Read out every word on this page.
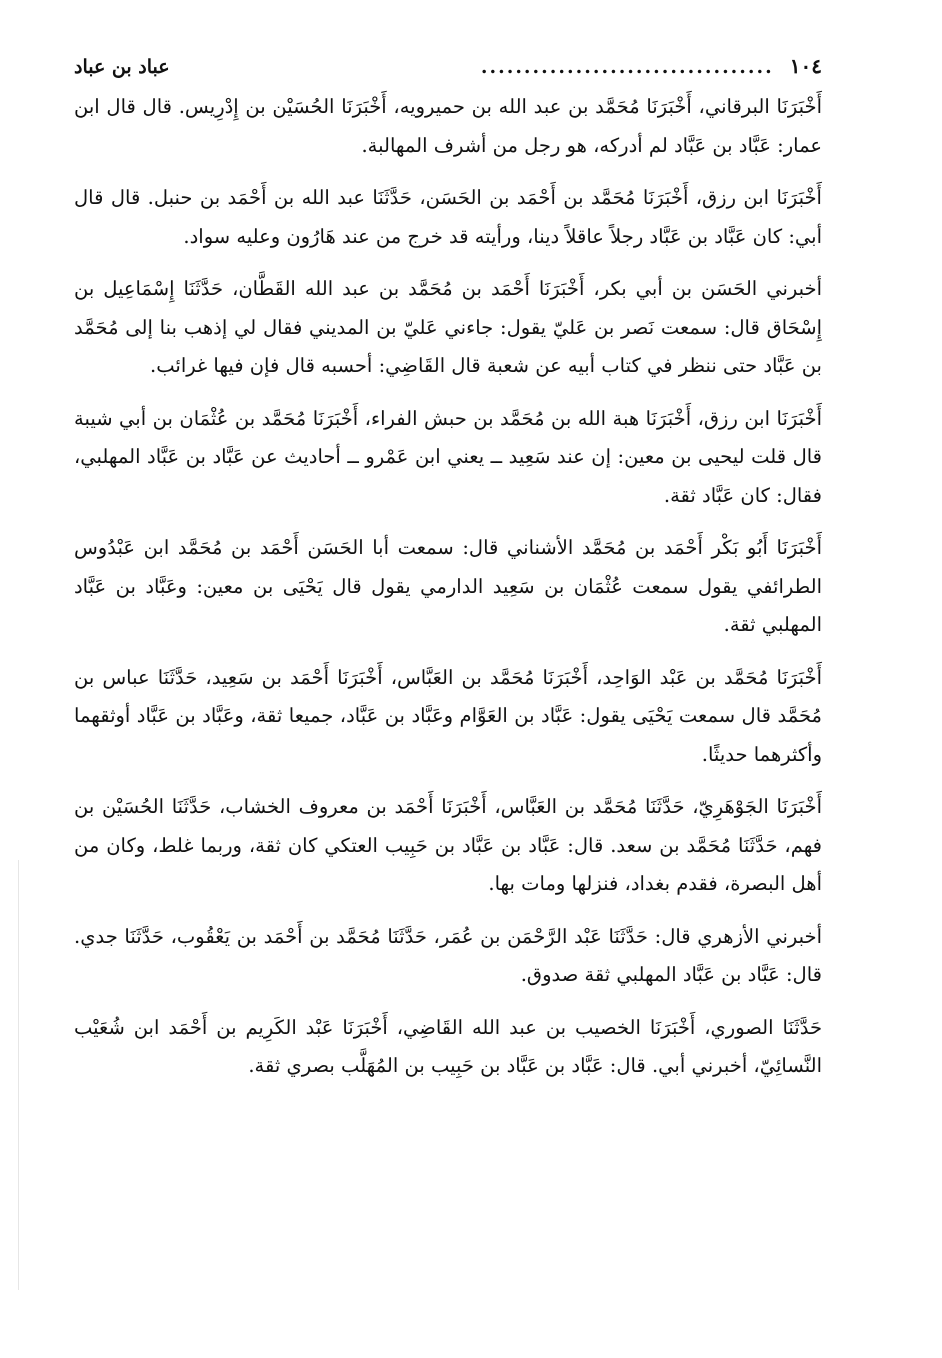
١٠٤
..................................
عباد بن عباد

أَخْبَرَنَا البرقاني، أَخْبَرَنَا مُحَمَّد بن عبد الله بن حميرويه، أَخْبَرَنَا الحُسَيْن بن إِدْرِيس. قال قال ابن عمار: عَبَّاد بن عَبَّاد لم أدركه، هو رجل من أشرف المهالبة.

أَخْبَرَنَا ابن رزق، أَخْبَرَنَا مُحَمَّد بن أَحْمَد بن الحَسَن، حَدَّثَنَا عبد الله بن أَحْمَد بن حنبل. قال قال أبي: كان عَبَّاد بن عَبَّاد رجلاً عاقلاً دينا، ورأيته قد خرج من عند هَارُون وعليه سواد.

أخبرني الحَسَن بن أبي بكر، أَخْبَرَنَا أَحْمَد بن مُحَمَّد بن عبد الله القَطَّان، حَدَّثَنَا إِسْمَاعِيل بن إِسْحَاق قال: سمعت نَصر بن عَليّ يقول: جاءني عَليّ بن المديني فقال لي إذهب بنا إلى مُحَمَّد بن عَبَّاد حتى ننظر في كتاب أبيه عن شعبة قال القَاضِي: أحسبه قال فإن فيها غرائب.

أَخْبَرَنَا ابن رزق، أَخْبَرَنَا هبة الله بن مُحَمَّد بن حبش الفراء، أَخْبَرَنَا مُحَمَّد بن عُثْمَان بن أبي شيبة قال قلت ليحيى بن معين: إن عند سَعِيد ــ يعني ابن عَمْرو ــ أحاديث عن عَبَّاد بن عَبَّاد المهلبي، فقال: كان عَبَّاد ثقة.

أَخْبَرَنَا أَبُو بَكْر أَحْمَد بن مُحَمَّد الأشناني قال: سمعت أبا الحَسَن أَحْمَد بن مُحَمَّد ابن عَبْدُوس الطرائفي يقول سمعت عُثْمَان بن سَعِيد الدارمي يقول قال يَحْيَى بن معين: وعَبَّاد بن عَبَّاد المهلبي ثقة.

أَخْبَرَنَا مُحَمَّد بن عَبْد الوَاحِد، أَخْبَرَنَا مُحَمَّد بن العَبَّاس، أَخْبَرَنَا أَحْمَد بن سَعِيد، حَدَّثَنَا عباس بن مُحَمَّد قال سمعت يَحْيَى يقول: عَبَّاد بن العَوَّام وعَبَّاد بن عَبَّاد، جميعا ثقة، وعَبَّاد بن عَبَّاد أوثقهما وأكثرهما حديثًا.

أَخْبَرَنَا الجَوْهَرِيّ، حَدَّثَنَا مُحَمَّد بن العَبَّاس، أَخْبَرَنَا أَحْمَد بن معروف الخشاب، حَدَّثَنَا الحُسَيْن بن فهم، حَدَّثَنَا مُحَمَّد بن سعد. قال: عَبَّاد بن عَبَّاد بن حَبِيب العتكي كان ثقة، وربما غلط، وكان من أهل البصرة، فقدم بغداد، فنزلها ومات بها.

أخبرني الأزهري قال: حَدَّثَنَا عَبْد الرَّحْمَن بن عُمَر، حَدَّثَنَا مُحَمَّد بن أَحْمَد بن يَعْقُوب، حَدَّثَنَا جدي. قال: عَبَّاد بن عَبَّاد المهلبي ثقة صدوق.

حَدَّثَنَا الصوري، أَخْبَرَنَا الخصيب بن عبد الله القَاضِي، أَخْبَرَنَا عَبْد الكَرِيم بن أَحْمَد ابن شُعَيْب النَّسائِيّ، أخبرني أبي. قال: عَبَّاد بن عَبَّاد بن حَبِيب بن المُهَلَّب بصري ثقة.
